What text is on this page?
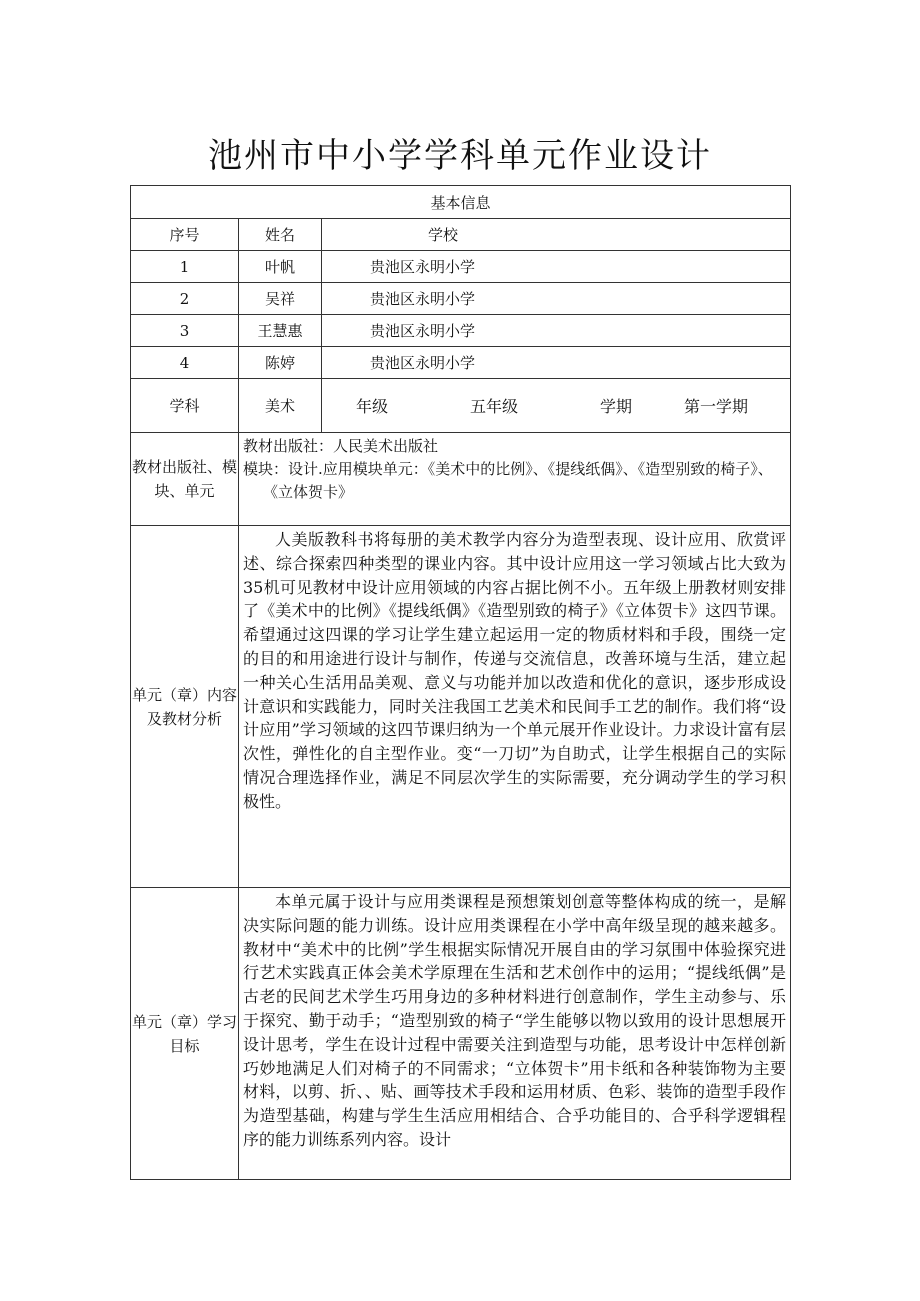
池州市中小学学科单元作业设计
基本信息		
序号	姓名	学校
1	叶帆	贵池区永明小学
2	吴祥	贵池区永明小学
3	王慧惠	贵池区永明小学
4	陈婷	贵池区永明小学
学科	美术	年级 五年级 学期 第一学期

教材出版社、模块、单元	教材出版社：人民美术出版社
模块：设计.应用模块单元：《美术中的比例》、《提线纸偶》、《造型别致的椅子》、
《立体贺卡》	

单元（章）内容及教材分析	人美版教科书将每册的美术教学内容分为造型表现、设计应用、欣赏评述、综合探索四种类型的课业内容。其中设计应用这一学习领域占比大致为35机可见教材中设计应用领域的内容占据比例不小。五年级上册教材则安排了《美术中的比例》《提线纸偶》《造型别致的椅子》《立体贺卡》这四节课。希望通过这四课的学习让学生建立起运用一定的物质材料和手段，围绕一定的目的和用途进行设计与制作，传递与交流信息，改善环境与生活，建立起一种关心生活用品美观、意义与功能并加以改造和优化的意识，逐步形成设计意识和实践能力，同时关注我国工艺美术和民间手工艺的制作。我们将“设计应用”学习领域的这四节课归纳为一个单元展开作业设计。力求设计富有层次性，弹性化的自主型作业。变“一刀切”为自助式，让学生根据自己的实际情况合理选择作业，满足不同层次学生的实际需要，充分调动学生的学习积极性。	

单元（章）学习目标	本单元属于设计与应用类课程是预想策划创意等整体构成的统一，是解决实际问题的能力训练。设计应用类课程在小学中高年级呈现的越来越多。教材中“美术中的比例”学生根据实际情况开展自由的学习氛围中体验探究进行艺术实践真正体会美术学原理在生活和艺术创作中的运用；“提线纸偶”是古老的民间艺术学生巧用身边的多种材料进行创意制作，学生主动参与、乐于探究、勤于动手；“造型别致的椅子“学生能够以物以致用的设计思想展开设计思考，学生在设计过程中需要关注到造型与功能，思考设计中怎样创新巧妙地满足人们对椅子的不同需求；“立体贺卡”用卡纸和各种装饰物为主要材料，以剪、折、、贴、画等技术手段和运用材质、色彩、装饰的造型手段作为造型基础，构建与学生生活应用相结合、合乎功能目的、合乎科学逻辑程序的能力训练系列内容。设计	
